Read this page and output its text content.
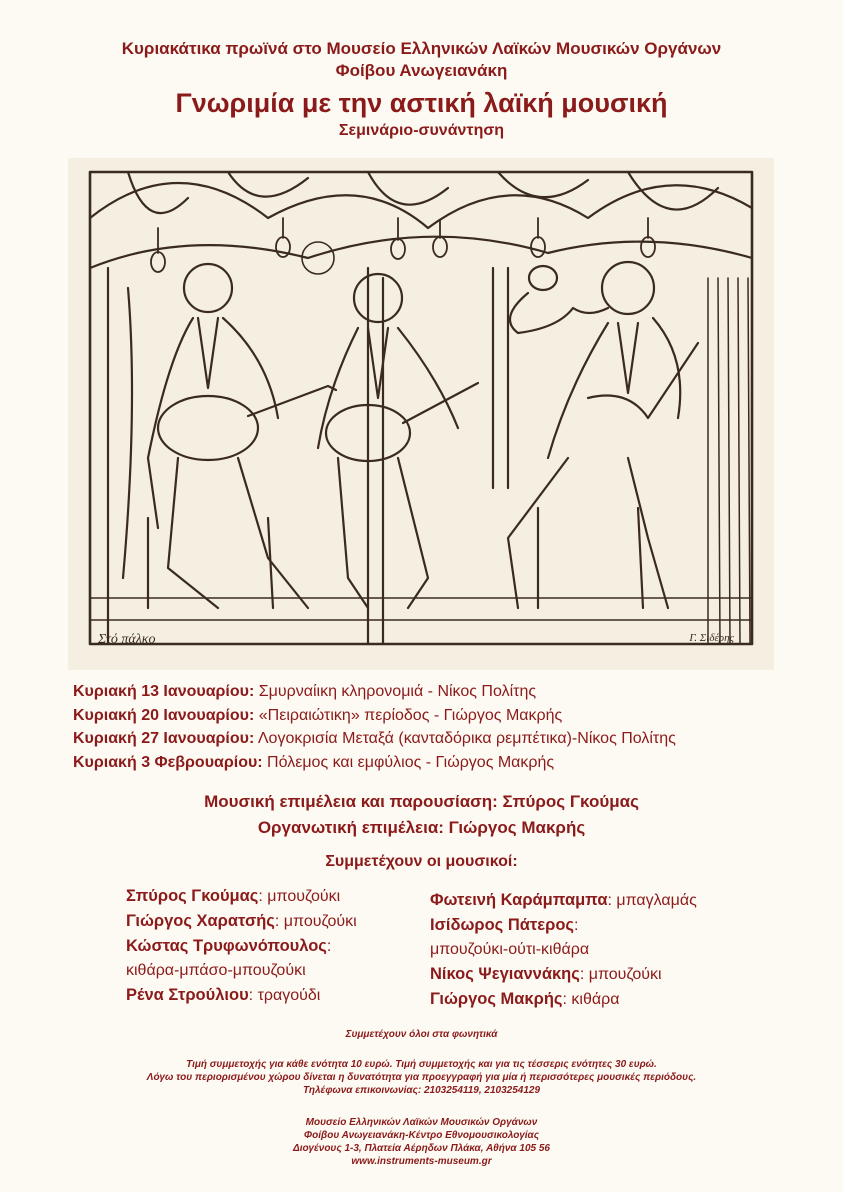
Κυριακάτικα πρωϊνά στο Μουσείο Ελληνικών Λαϊκών Μουσικών Οργάνων
Φοίβου Ανωγειανάκη
Γνωριμία με την αστική λαϊκή μουσική
Σεμινάριο-συνάντηση
Στό πάλκο	Γ. Σιδέρης
Κυριακή 13 Ιανουαρίου: Σμυρναίικη κληρονομιά - Νίκος Πολίτης
Κυριακή 20 Ιανουαρίου: «Πειραιώτικη» περίοδος - Γιώργος Μακρής
Κυριακή 27 Ιανουαρίου: Λογοκρισία Μεταξά (κανταδόρικα ρεμπέτικα)-Νίκος Πολίτης
Κυριακή 3 Φεβρουαρίου: Πόλεμος και εμφύλιος - Γιώργος Μακρής
Μουσική επιμέλεια και παρουσίαση: Σπύρος Γκούμας
Οργανωτική επιμέλεια: Γιώργος Μακρής
Συμμετέχουν οι μουσικοί:
Σπύρος Γκούμας: μπουζούκι
Γιώργος Χαρατσής: μπουζούκι
Κώστας Τρυφωνόπουλος:
κιθάρα-μπάσο-μπουζούκι
Ρένα Στρούλιου: τραγούδι
Φωτεινή Καράμπαμπα: μπαγλαμάς
Ισίδωρος Πάτερος:
μπουζούκι-ούτι-κιθάρα
Νίκος Ψεγιαννάκης: μπουζούκι
Γιώργος Μακρής: κιθάρα
Συμμετέχουν όλοι στα φωνητικά
Τιμή συμμετοχής για κάθε ενότητα 10 ευρώ. Τιμή συμμετοχής και για τις τέσσερις ενότητες 30 ευρώ.
Λόγω του περιορισμένου χώρου δίνεται η δυνατότητα για προεγγραφή για μία ή περισσότερες μουσικές περιόδους.
Τηλέφωνα επικοινωνίας: 2103254119, 2103254129
Μουσείο Ελληνικών Λαϊκών Μουσικών Οργάνων
Φοίβου Ανωγειανάκη-Κέντρο Εθνομουσικολογίας
Διογένους 1-3, Πλατεία Αέρηδων Πλάκα, Αθήνα 105 56
www.instruments-museum.gr
